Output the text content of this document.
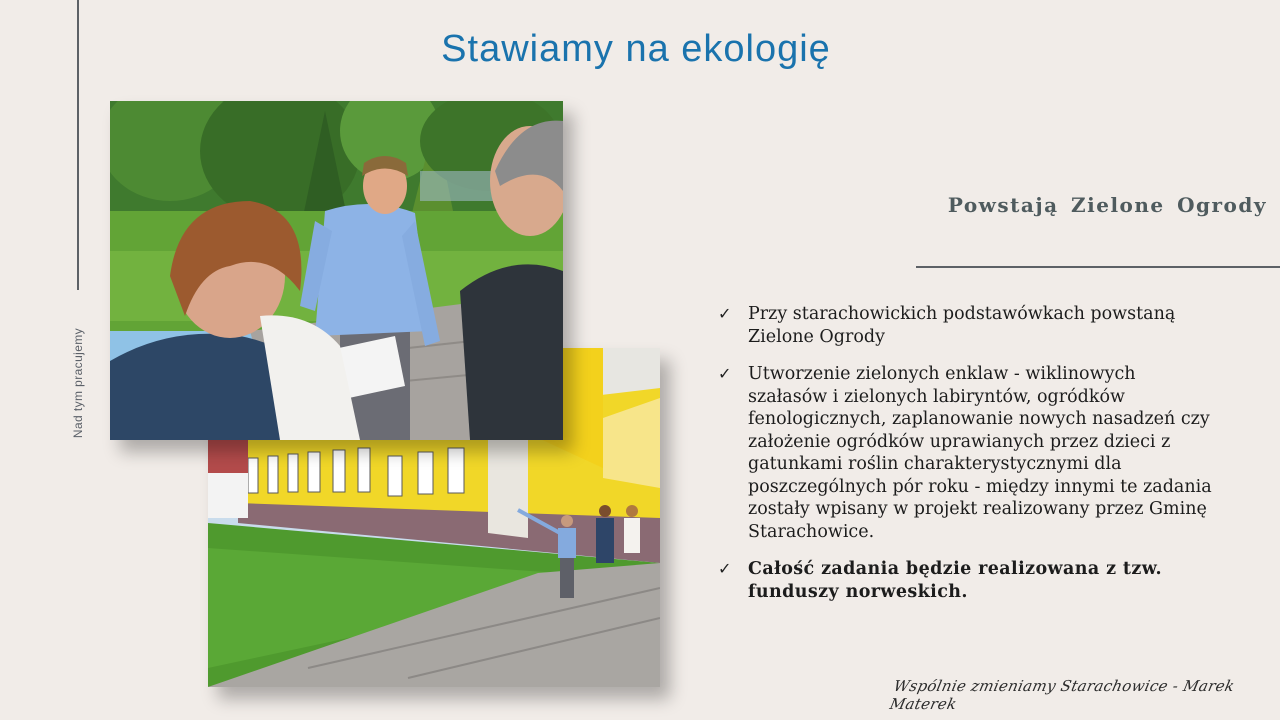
Nad tym pracujemy
Stawiamy na ekologię
Powstają Zielone Ogrody
✓ Przy starachowickich podstawówkach powstaną Zielone Ogrody
✓ Utworzenie zielonych enklaw - wiklinowych szałasów i zielonych labiryntów, ogródków fenologicznych, zaplanowanie nowych nasadzeń czy założenie ogródków uprawianych przez dzieci z gatunkami roślin charakterystycznymi dla poszczególnych pór roku - między innymi te zadania zostały wpisany w projekt realizowany przez Gminę Starachowice.
✓ Całość zadania będzie realizowana z tzw. funduszy norweskich.
Wspólnie zmieniamy Starachowice - Marek Materek
